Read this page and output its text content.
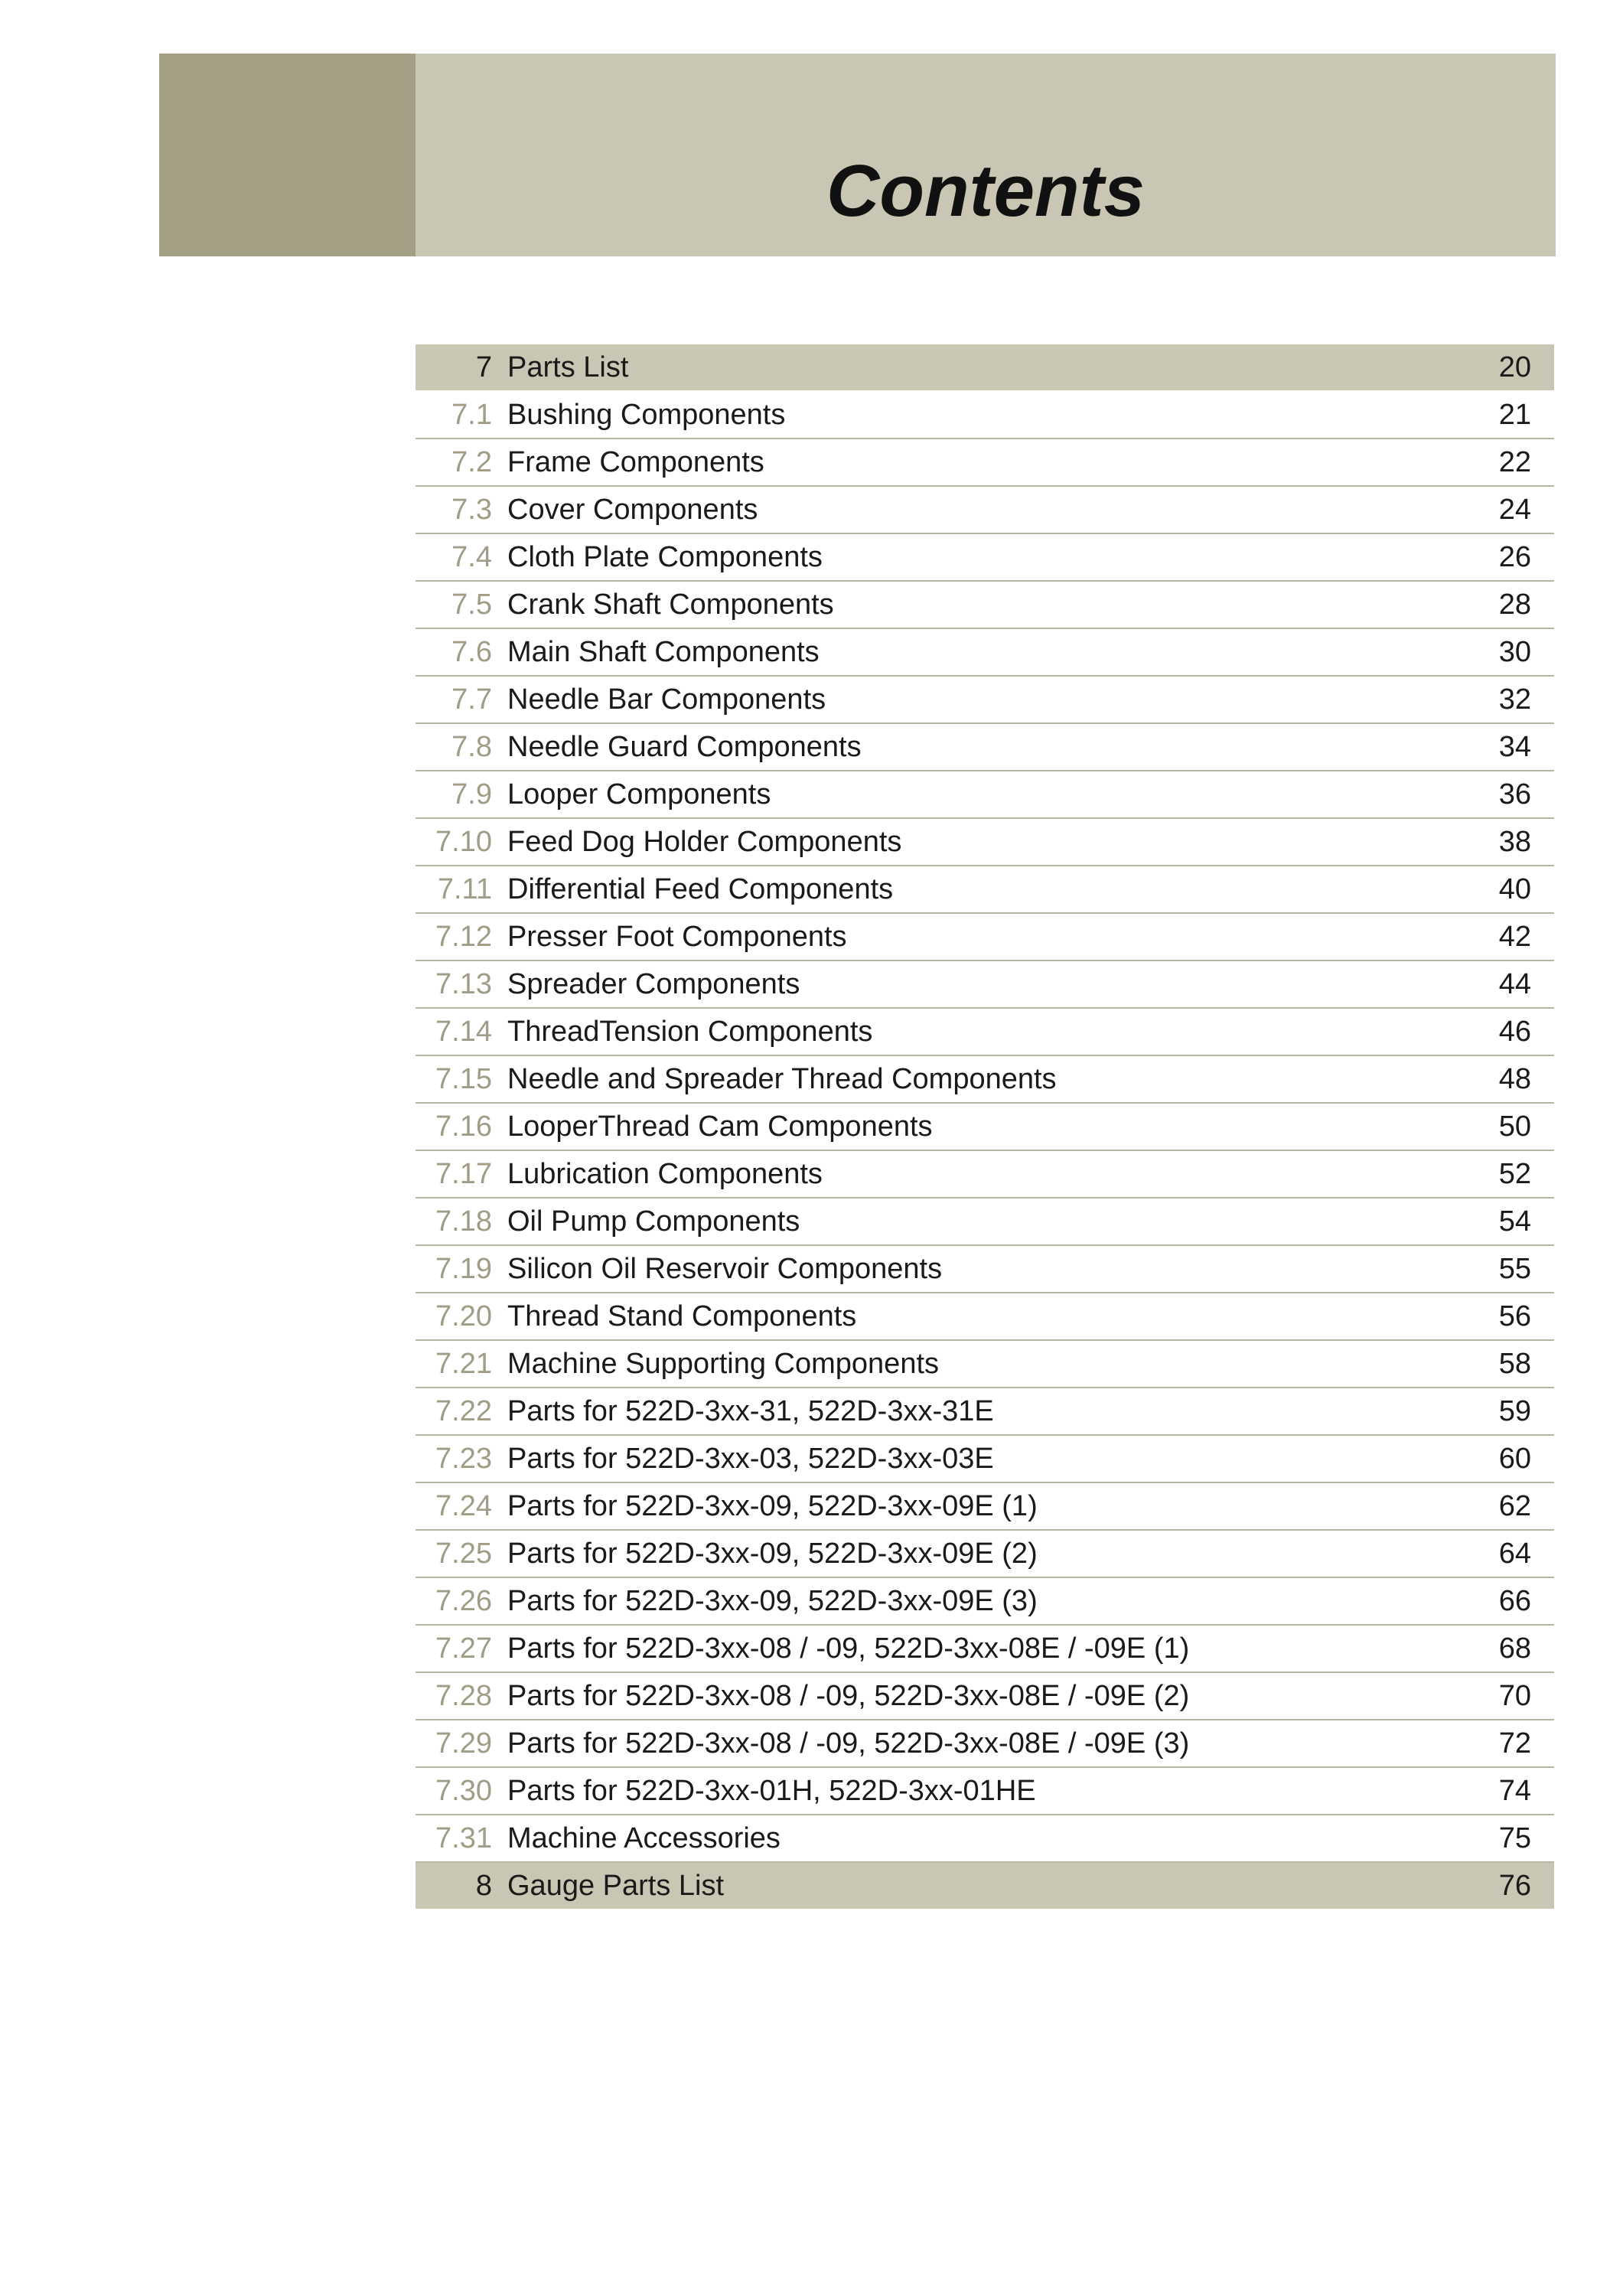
Contents
7 Parts List	20
7.1 Bushing Components	21
7.2 Frame Components	22
7.3 Cover Components	24
7.4 Cloth Plate Components	26
7.5 Crank Shaft Components	28
7.6 Main Shaft Components	30
7.7 Needle Bar Components	32
7.8 Needle Guard Components	34
7.9 Looper Components	36
7.10 Feed Dog Holder Components	38
7.11 Differential Feed Components	40
7.12 Presser Foot Components	42
7.13 Spreader Components	44
7.14 ThreadTension Components	46
7.15 Needle and Spreader Thread Components	48
7.16 LooperThread Cam Components	50
7.17 Lubrication Components	52
7.18 Oil Pump Components	54
7.19 Silicon Oil Reservoir Components	55
7.20 Thread Stand Components	56
7.21 Machine Supporting Components	58
7.22 Parts for 522D-3xx-31, 522D-3xx-31E	59
7.23 Parts for 522D-3xx-03, 522D-3xx-03E	60
7.24 Parts for 522D-3xx-09, 522D-3xx-09E (1)	62
7.25 Parts for 522D-3xx-09, 522D-3xx-09E (2)	64
7.26 Parts for 522D-3xx-09, 522D-3xx-09E (3)	66
7.27 Parts for 522D-3xx-08 / -09, 522D-3xx-08E / -09E (1)	68
7.28 Parts for 522D-3xx-08 / -09, 522D-3xx-08E / -09E (2)	70
7.29 Parts for 522D-3xx-08 / -09, 522D-3xx-08E / -09E (3)	72
7.30 Parts for 522D-3xx-01H, 522D-3xx-01HE	74
7.31 Machine Accessories	75
8 Gauge Parts List	76
